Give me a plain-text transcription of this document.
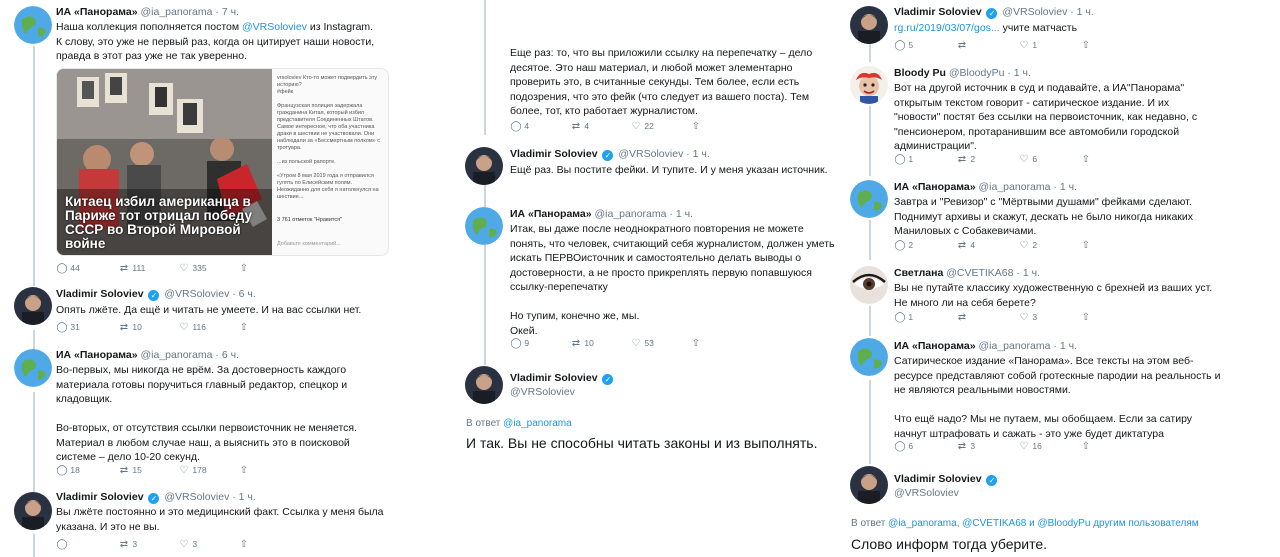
ИА «Панорама» @ia_panorama · 7 ч.
Наша коллекция пополняется постом @VRSoloviev из Instagram.
К слову, это уже не первый раз, когда он цитирует наши новости,
правда в этот раз уже не так уверенно.
Китаец избил американца в Париже тот отрицал победу СССР во Второй Мировой войне
vrsoloviev Кто-то может подвердить эту историю?
#фейк

Французская полиция задержала гражданина Китая, который избил представителя Соединенных Штатов. Самое интересное, что оба участника драки в шествии не участвовали. Они наблюдали за «Бессмертным полком» с тротуара.

...из польской рапорте.

«Утром 8 мая 2019 года я отправился гулять по Елисейским полям. Неожиданно для себя я натолкнулся на шествие...
3 761 отметок "Нравится"
Добавьте комментарий...
◯ 44	⇄ 111	♡ 335	⇧
Vladimir Soloviev ✓ @VRSoloviev · 6 ч.
Опять лжёте. Да ещё и читать не умеете. И на вас ссылки нет.
◯ 31	⇄ 10	♡ 116	⇧
ИА «Панорама» @ia_panorama · 6 ч.
Во-первых, мы никогда не врём. За достоверность каждого
материала готовы поручиться главный редактор, спецкор и
кладовщик.

Во-вторых, от отсутствия ссылки первоисточник не меняется.
Материал в любом случае наш, а выяснить это в поисковой
системе – дело 10-20 секунд.
◯ 18	⇄ 15	♡ 178	⇧
Vladimir Soloviev ✓ @VRSoloviev · 1 ч.
Вы лжёте постоянно и это медицинский факт. Ссылка у меня была
указана. И это не вы.
◯	⇄ 3	♡ 3	⇧
Еще раз: то, что вы приложили ссылку на перепечатку – дело
десятое. Это наш материал, и любой может элементарно
проверить это, в считанные секунды. Тем более, если есть
подозрения, что это фейк (что следует из вашего поста). Тем
более, тот, кто работает журналистом.
◯ 4	⇄ 4	♡ 22	⇧
Vladimir Soloviev ✓ @VRSoloviev · 1 ч.
Ещё раз. Вы постите фейки. И тупите. И у меня указан источник.
ИА «Панорама» @ia_panorama · 1 ч.
Итак, вы даже после неоднократного повторения не можете
понять, что человек, считающий себя журналистом, должен уметь
искать ПЕРВОисточник и самостоятельно делать выводы о
достоверности, а не просто прикреплять первую попавшуюся
ссылку-перепечатку

Но тупим, конечно же, мы.
Окей.
◯ 9	⇄ 10	♡ 53	⇧
Vladimir Soloviev ✓
@VRSoloviev
В ответ @ia_panorama
И так. Вы не способны читать законы и из выполнять.
Vladimir Soloviev ✓ @VRSoloviev · 1 ч.
rg.ru/2019/03/07/gos... учите матчасть
◯ 5	⇄	♡ 1	⇧
Bloody Pu @BloodyPu · 1 ч.
Вот на другой источник в суд и подавайте, а ИА"Панорама"
открытым текстом говорит - сатирическое издание. И их
"новости" постят без ссылки на первоисточник, как недавно, с
"пенсионером, протаранившим все автомобили городской
администрации".
◯ 1	⇄ 2	♡ 6	⇧
ИА «Панорама» @ia_panorama · 1 ч.
Завтра и "Ревизор" с "Мёртвыми душами" фейками сделают.
Поднимут архивы и скажут, дескать не было никогда никаких
Маниловых с Собакевичами.
◯ 2	⇄ 4	♡ 2	⇧
Светлана @CVETIKA68 · 1 ч.
Вы не путайте классику художественную с брехней из ваших уст.
Не много ли на себя берете?
◯ 1	⇄	♡ 3	⇧
ИА «Панорама» @ia_panorama · 1 ч.
Сатирическое издание «Панорама». Все тексты на этом веб-
ресурсе представляют собой гротескные пародии на реальность и
не являются реальными новостями.

Что ещё надо? Мы не путаем, мы обобщаем. Если за сатиру
начнут штрафовать и сажать - это уже будет диктатура
◯ 6	⇄ 3	♡ 16	⇧
Vladimir Soloviev ✓
@VRSoloviev
В ответ @ia_panorama, @CVETIKA68 и @BloodyPu другим пользователям
Слово информ тогда уберите.
